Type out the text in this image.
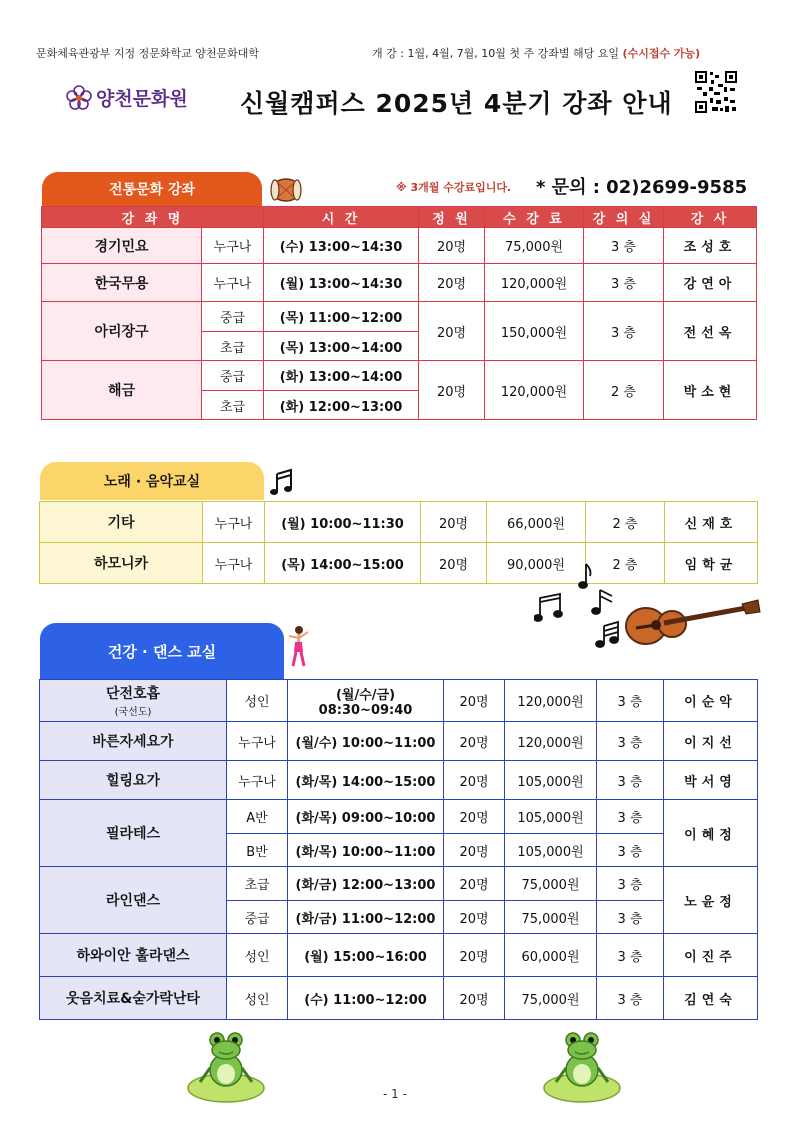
문화체육관광부 지정 정문화학교 양천문화대학	개 강 : 1월, 4월, 7월, 10월 첫 주 강좌별 해당 요일 (수시접수 가능)
양천문화원 신월캠퍼스 2025년 4분기 강좌 안내
전통문화 강좌	※ 3개월 수강료입니다. * 문의 : 02)2699-9585
강 좌 명		시 간	정 원	수 강 료	강 의 실	강 사
경기민요	누구나	(수) 13:00~14:30	20명	75,000원	3 층	조성호
한국무용	누구나	(월) 13:00~14:30	20명	120,000원	3 층	강연아
아리장구	중급	(목) 11:00~12:00	20명	150,000원	3 층	전선옥
	초급	(목) 13:00~14:00				
해금	중급	(화) 13:00~14:00	20명	120,000원	2 층	박소현
	초급	(화) 12:00~13:00				
노래 · 음악교실
기타	누구나	(월) 10:00~11:30	20명	66,000원	2 층	신재호
하모니카	누구나	(목) 14:00~15:00	20명	90,000원	2 층	임학균
건강 · 댄스 교실
단전호흡
(국선도)	성인	(월/수/금) 08:30~09:40	20명	120,000원	3 층	이순악
바른자세요가	누구나	(월/수) 10:00~11:00	20명	120,000원	3 층	이지선
힐링요가	누구나	(화/목) 14:00~15:00	20명	105,000원	3 층	박서영
필라테스	A반	(화/목) 09:00~10:00	20명	105,000원	3 층	이혜정
	B반	(화/목) 10:00~11:00	20명	105,000원	3 층	
라인댄스	초급	(화/금) 12:00~13:00	20명	75,000원	3 층	노윤정
	중급	(화/금) 11:00~12:00	20명	75,000원	3 층	
하와이안 훌라댄스	성인	(월) 15:00~16:00	20명	60,000원	3 층	이진주
웃음치료&숟가락난타	성인	(수) 11:00~12:00	20명	75,000원	3 층	김연숙
- 1 -
